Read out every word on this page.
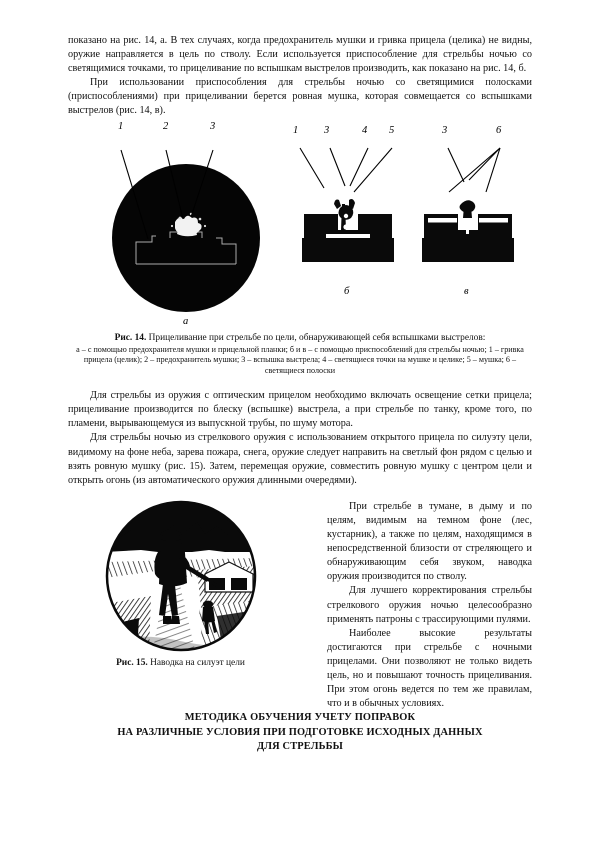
показано на рис. 14, а. В тех случаях, когда предохранитель мушки и гривка прицела (целика) не видны, оружие направляется в цель по стволу. Если используется приспособление для стрельбы ночью со светящимися точками, то прицеливание по вспышкам выстрелов производить, как показано на рис. 14, б.

При использовании приспособления для стрельбы ночью со светящимися полосками (приспособлениями) при прицеливании берется ровная мушка, которая совмещается со вспышками выстрелов (рис. 14, в).

1	2	3
а
1 3	4 5
б
3	6
в
Рис. 14. Прицеливание при стрельбе по цели, обнаруживающей себя вспышками выстрелов:
а – с помощью предохранителя мушки и прицельной планки; б и в – с помощью приспособлений для стрельбы ночью; 1 – гривка прицела (целик); 2 – предохранитель мушки; 3 – вспышка выстрела; 4 – светящиеся точки на мушке и целике; 5 – мушка; 6 – светящиеся полоски

Для стрельбы из оружия с оптическим прицелом необходимо включать освещение сетки прицела; прицеливание производится по блеску (вспышке) выстрела, а при стрельбе по танку, кроме того, по пламени, вырывающемуся из выпускной трубы, по шуму мотора.

Для стрельбы ночью из стрелкового оружия с использованием открытого прицела по силуэту цели, видимому на фоне неба, зарева пожара, снега, оружие следует направить на светлый фон рядом с целью и взять ровную мушку (рис. 15). Затем, перемещая оружие, совместить ровную мушку с центром цели и открыть огонь (из автоматического оружия длинными очередями).

При стрельбе в тумане, в дыму и по целям, видимым на темном фоне (лес, кустарник), а также по целям, находящимся в непосредственной близости от стреляющего и обнаруживающим себя звуком, наводка оружия производится по стволу.

Для лучшего корректирования стрельбы стрелкового оружия ночью целесообразно применять патроны с трассирующими пулями.

Наиболее высокие результаты достигаются при стрельбе с ночными прицелами. Они позволяют не только видеть цель, но и повышают точность прицеливания. При этом огонь ведется по тем же правилам, что и в обычных условиях.

Рис. 15. Наводка на силуэт цели
МЕТОДИКА ОБУЧЕНИЯ УЧЕТУ ПОПРАВОК
НА РАЗЛИЧНЫЕ УСЛОВИЯ ПРИ ПОДГОТОВКЕ ИСХОДНЫХ ДАННЫХ
ДЛЯ СТРЕЛЬБЫ
